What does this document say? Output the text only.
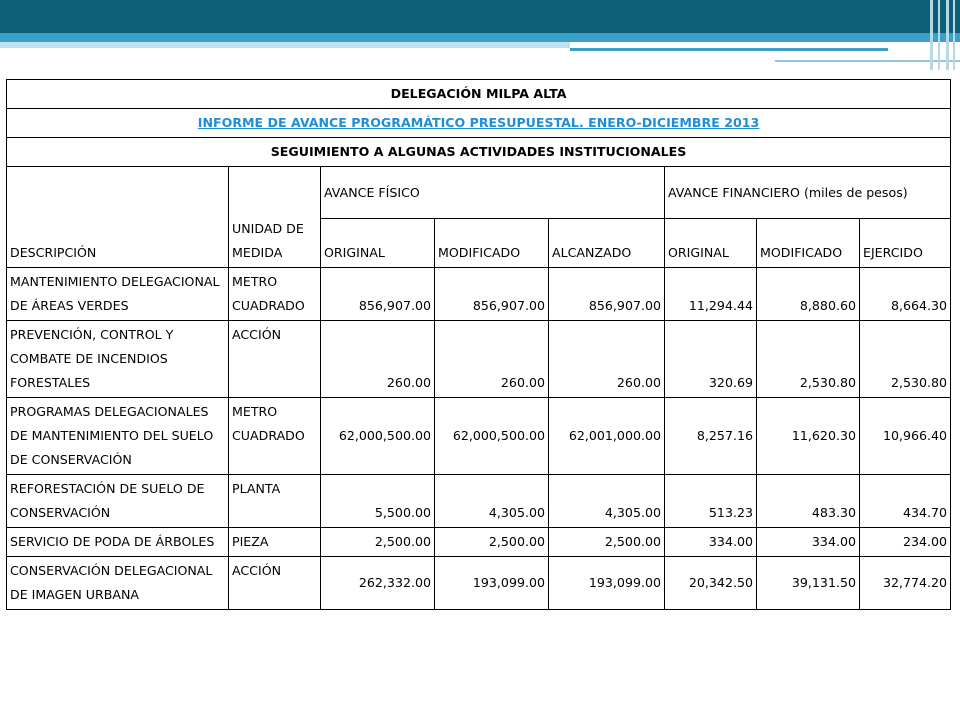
DELEGACIÓN MILPA ALTA							
INFORME DE AVANCE PROGRAMÁTICO PRESUPUESTAL. ENERO-DICIEMBRE 2013							
SEGUIMIENTO A ALGUNAS ACTIVIDADES INSTITUCIONALES							
DESCRIPCIÓN	UNIDAD DE MEDIDA	AVANCE FÍSICO			AVANCE FINANCIERO (miles de pesos)		
		ORIGINAL	MODIFICADO	ALCANZADO	ORIGINAL	MODIFICADO	EJERCIDO
MANTENIMIENTO DELEGACIONAL DE ÁREAS VERDES	METRO CUADRADO	856,907.00	856,907.00	856,907.00	11,294.44	8,880.60	8,664.30
PREVENCIÓN, CONTROL Y COMBATE DE INCENDIOS FORESTALES	ACCIÓN	260.00	260.00	260.00	320.69	2,530.80	2,530.80
PROGRAMAS DELEGACIONALES DE MANTENIMIENTO DEL SUELO DE CONSERVACIÓN	METRO CUADRADO	62,000,500.00	62,000,500.00	62,001,000.00	8,257.16	11,620.30	10,966.40
REFORESTACIÓN DE SUELO DE CONSERVACIÓN	PLANTA	5,500.00	4,305.00	4,305.00	513.23	483.30	434.70
SERVICIO DE PODA DE ÁRBOLES	PIEZA	2,500.00	2,500.00	2,500.00	334.00	334.00	234.00
CONSERVACIÓN DELEGACIONAL DE IMAGEN URBANA	ACCIÓN	262,332.00	193,099.00	193,099.00	20,342.50	39,131.50	32,774.20
